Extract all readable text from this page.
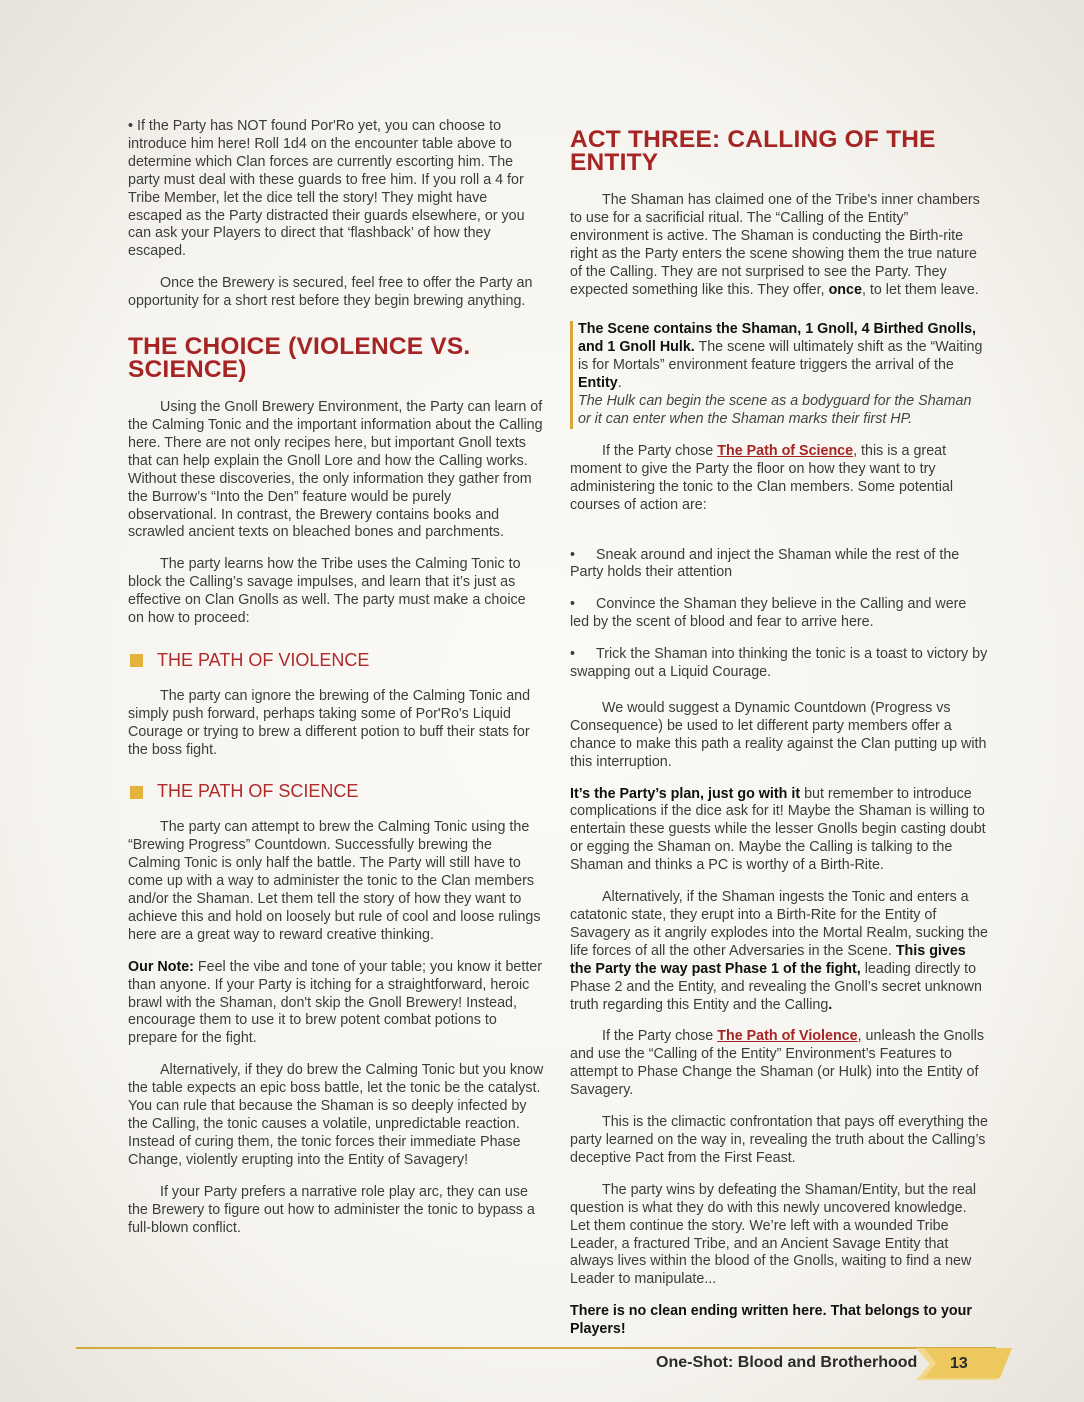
• If the Party has NOT found Por'Ro yet, you can choose to introduce him here! Roll 1d4 on the encounter table above to determine which Clan forces are currently escorting him. The party must deal with these guards to free him. If you roll a 4 for Tribe Member, let the dice tell the story! They might have escaped as the Party distracted their guards elsewhere, or you can ask your Players to direct that ‘flashback’ of how they escaped.

Once the Brewery is secured, feel free to offer the Party an opportunity for a short rest before they begin brewing anything.

THE CHOICE (VIOLENCE VS. SCIENCE)

Using the Gnoll Brewery Environment, the Party can learn of the Calming Tonic and the important information about the Calling here. There are not only recipes here, but important Gnoll texts that can help explain the Gnoll Lore and how the Calling works. Without these discoveries, the only information they gather from the Burrow’s “Into the Den” feature would be purely observational. In contrast, the Brewery contains books and scrawled ancient texts on bleached bones and parchments.

The party learns how the Tribe uses the Calming Tonic to block the Calling’s savage impulses, and learn that it’s just as effective on Clan Gnolls as well. The party must make a choice on how to proceed:

THE PATH OF VIOLENCE

The party can ignore the brewing of the Calming Tonic and simply push forward, perhaps taking some of Por'Ro's Liquid Courage or trying to brew a different potion to buff their stats for the boss fight.

THE PATH OF SCIENCE

The party can attempt to brew the Calming Tonic using the “Brewing Progress” Countdown. Successfully brewing the Calming Tonic is only half the battle. The Party will still have to come up with a way to administer the tonic to the Clan members and/or the Shaman. Let them tell the story of how they want to achieve this and hold on loosely but rule of cool and loose rulings here are a great way to reward creative thinking.

Our Note: Feel the vibe and tone of your table; you know it better than anyone. If your Party is itching for a straightforward, heroic brawl with the Shaman, don't skip the Gnoll Brewery! Instead, encourage them to use it to brew potent combat potions to prepare for the fight.

Alternatively, if they do brew the Calming Tonic but you know the table expects an epic boss battle, let the tonic be the catalyst. You can rule that because the Shaman is so deeply infected by the Calling, the tonic causes a volatile, unpredictable reaction. Instead of curing them, the tonic forces their immediate Phase Change, violently erupting into the Entity of Savagery!

If your Party prefers a narrative role play arc, they can use the Brewery to figure out how to administer the tonic to bypass a full-blown conflict.

ACT THREE: CALLING OF THE ENTITY

The Shaman has claimed one of the Tribe's inner chambers to use for a sacrificial ritual. The “Calling of the Entity” environment is active. The Shaman is conducting the Birth-rite right as the Party enters the scene showing them the true nature of the Calling. They are not surprised to see the Party. They expected something like this. They offer, once, to let them leave.

The Scene contains the Shaman, 1 Gnoll, 4 Birthed Gnolls, and 1 Gnoll Hulk. The scene will ultimately shift as the “Waiting is for Mortals” environment feature triggers the arrival of the Entity.
The Hulk can begin the scene as a bodyguard for the Shaman or it can enter when the Shaman marks their first HP.

If the Party chose The Path of Science, this is a great moment to give the Party the floor on how they want to try administering the tonic to the Clan members. Some potential courses of action are:

• Sneak around and inject the Shaman while the rest of the Party holds their attention

• Convince the Shaman they believe in the Calling and were led by the scent of blood and fear to arrive here.

• Trick the Shaman into thinking the tonic is a toast to victory by swapping out a Liquid Courage.

We would suggest a Dynamic Countdown (Progress vs Consequence) be used to let different party members offer a chance to make this path a reality against the Clan putting up with this interruption.

It’s the Party’s plan, just go with it but remember to introduce complications if the dice ask for it! Maybe the Shaman is willing to entertain these guests while the lesser Gnolls begin casting doubt or egging the Shaman on. Maybe the Calling is talking to the Shaman and thinks a PC is worthy of a Birth-Rite.

Alternatively, if the Shaman ingests the Tonic and enters a catatonic state, they erupt into a Birth-Rite for the Entity of Savagery as it angrily explodes into the Mortal Realm, sucking the life forces of all the other Adversaries in the Scene. This gives the Party the way past Phase 1 of the fight, leading directly to Phase 2 and the Entity, and revealing the Gnoll’s secret unknown truth regarding this Entity and the Calling.

If the Party chose The Path of Violence, unleash the Gnolls and use the “Calling of the Entity” Environment’s Features to attempt to Phase Change the Shaman (or Hulk) into the Entity of Savagery.

This is the climactic confrontation that pays off everything the party learned on the way in, revealing the truth about the Calling’s deceptive Pact from the First Feast.

The party wins by defeating the Shaman/Entity, but the real question is what they do with this newly uncovered knowledge. Let them continue the story. We’re left with a wounded Tribe Leader, a fractured Tribe, and an Ancient Savage Entity that always lives within the blood of the Gnolls, waiting to find a new Leader to manipulate...

There is no clean ending written here. That belongs to your Players!

One-Shot: Blood and Brotherhood 13
